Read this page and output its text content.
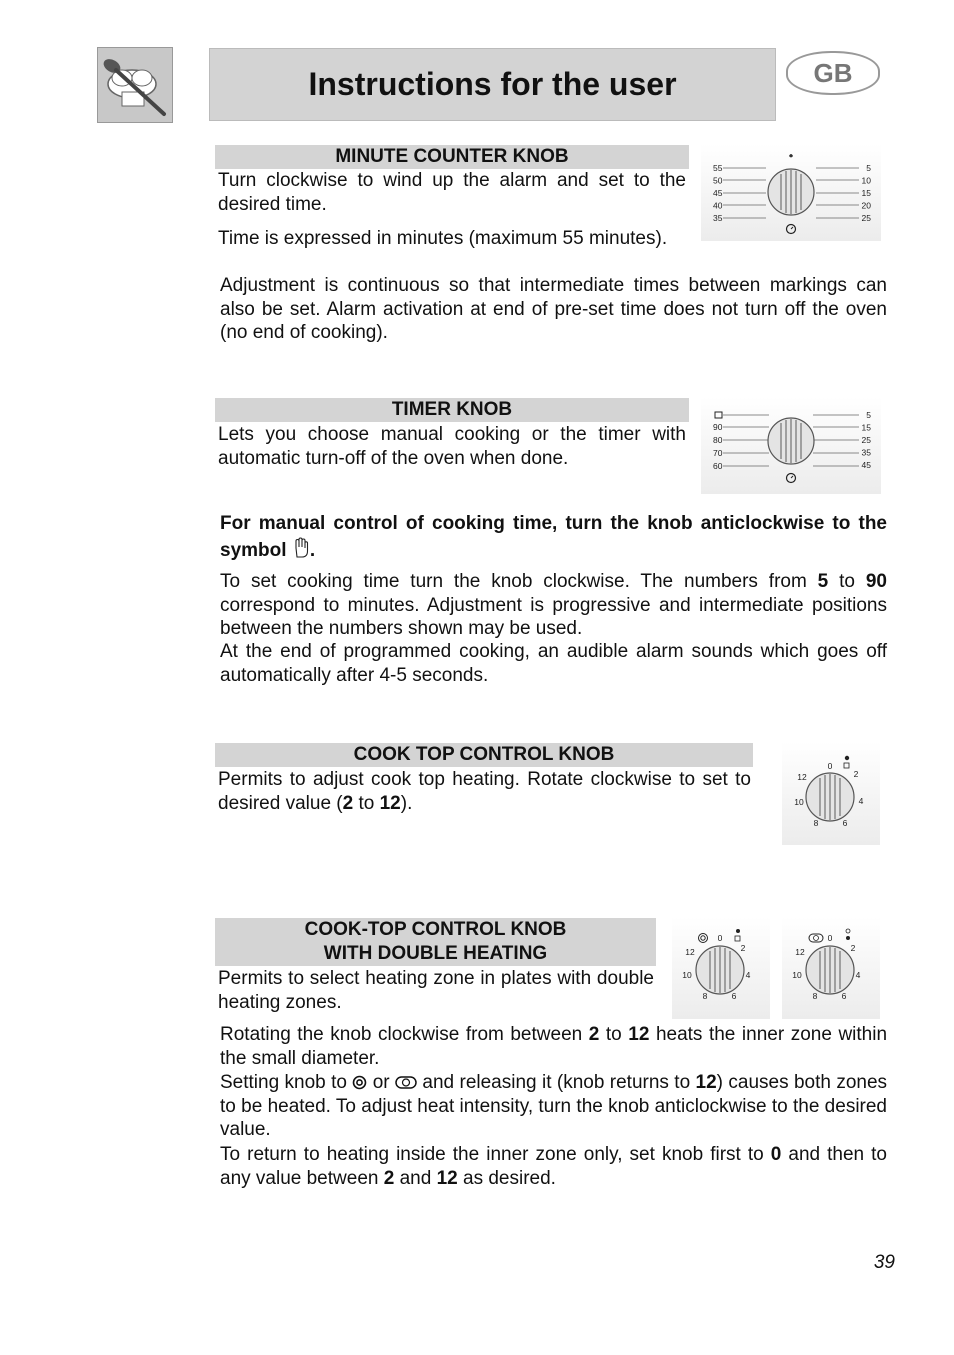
Instructions for the user	GB
MINUTE COUNTER KNOB

Turn clockwise to wind up the alarm and set to the desired time.

Time is expressed in minutes (maximum 55 minutes).

Adjustment is continuous so that intermediate times between markings can also be set. Alarm activation at end of pre-set time does not turn off the oven (no end of cooking).

55
50
45
40
35
5
10
15
20
25
TIMER KNOB

Lets you choose manual cooking or the timer with automatic turn-off of the oven when done.

90
80
70
60
5
15
25
35
45

For manual control of cooking time, turn the knob anticlockwise to the symbol .

To set cooking time turn the knob clockwise. The numbers from 5 to 90 correspond to minutes. Adjustment is progressive and intermediate positions between the numbers shown may be used.

At the end of programmed cooking, an audible alarm sounds which goes off automatically after 4-5 seconds.

COOK TOP CONTROL KNOB

Permits to adjust cook top heating. Rotate clockwise to set to desired value (2 to 12).

0
2
4
6
8
10
12
COOK-TOP CONTROL KNOB
WITH DOUBLE HEATING

Permits to select heating zone in plates with double heating zones.

0
2
4
6
8
10
12
0
2
4
6
8
10
12

Rotating the knob clockwise from between 2 to 12 heats the inner zone within the small diameter.

Setting knob to  or  and releasing it (knob returns to 12) causes both zones to be heated. To adjust heat intensity, turn the knob anticlockwise to the desired value.

To return to heating inside the inner zone only, set knob first to 0 and then to any value between 2 and 12 as desired.

39
